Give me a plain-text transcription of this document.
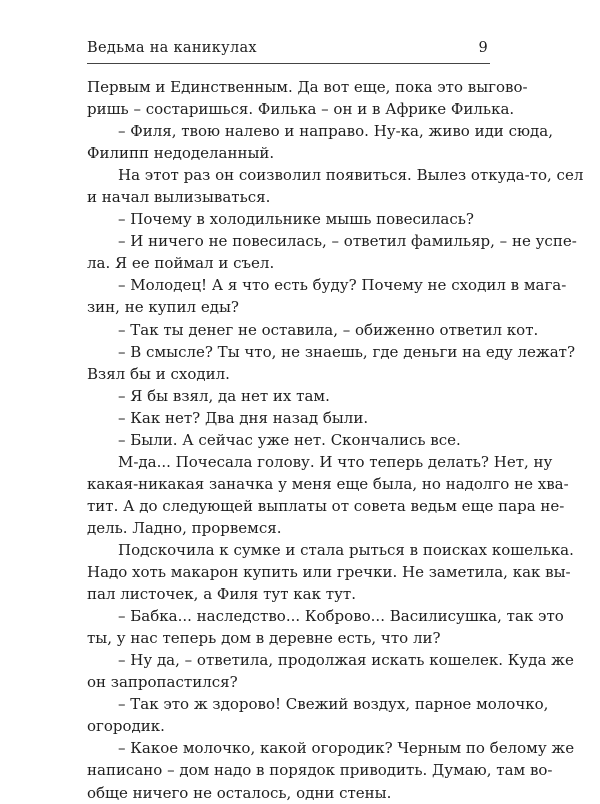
Ведьма на каникулах	9
Первым и Единственным. Да вот еще, пока это выгово-
ришь – состаришься. Филька – он и в Африке Филька.
– Филя, твою налево и направо. Ну-ка, живо иди сюда,
Филипп недоделанный.
На этот раз он соизволил появиться. Вылез откуда-то, сел
и начал вылизываться.
– Почему в холодильнике мышь повесилась?
– И ничего не повесилась, – ответил фамильяр, – не успе-
ла. Я ее поймал и съел.
– Молодец! А я что есть буду? Почему не сходил в мага-
зин, не купил еды?
– Так ты денег не оставила, – обиженно ответил кот.
– В смысле? Ты что, не знаешь, где деньги на еду лежат?
Взял бы и сходил.
– Я бы взял, да нет их там.
– Как нет? Два дня назад были.
– Были. А сейчас уже нет. Скончались все.
М-да... Почесала голову. И что теперь делать? Нет, ну
какая-никакая заначка у меня еще была, но надолго не хва-
тит. А до следующей выплаты от совета ведьм еще пара не-
дель. Ладно, прорвемся.
Подскочила к сумке и стала рыться в поисках кошелька.
Надо хоть макарон купить или гречки. Не заметила, как вы-
пал листочек, а Филя тут как тут.
– Бабка... наследство... Коброво... Василисушка, так это
ты, у нас теперь дом в деревне есть, что ли?
– Ну да, – ответила, продолжая искать кошелек. Куда же
он запропастился?
– Так это ж здорово! Свежий воздух, парное молочко,
огородик.
– Какое молочко, какой огородик? Черным по белому же
написано – дом надо в порядок приводить. Думаю, там во-
обще ничего не осталось, одни стены.
